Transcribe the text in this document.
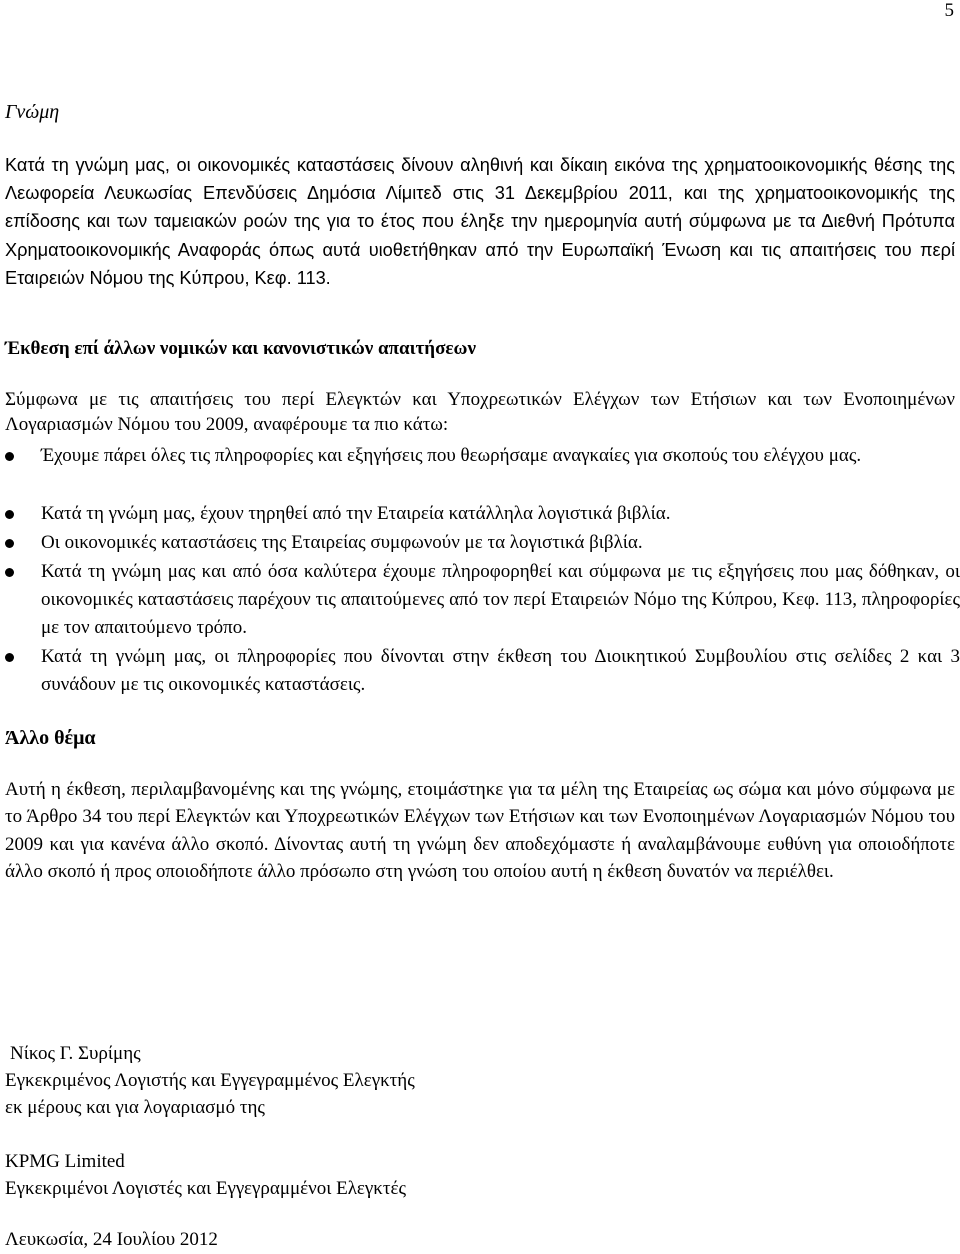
5
Γνώμη
Κατά τη γνώμη μας, οι οικονομικές καταστάσεις δίνουν αληθινή και δίκαιη εικόνα της χρηματοοικονομικής θέσης της Λεωφορεία Λευκωσίας Επενδύσεις Δημόσια Λίμιτεδ στις 31 Δεκεμβρίου 2011, και της χρηματοοικονομικής της επίδοσης και των ταμειακών ροών της για το έτος που έληξε την ημερομηνία αυτή σύμφωνα με τα Διεθνή Πρότυπα Χρηματοοικονομικής Αναφοράς όπως αυτά υιοθετήθηκαν από την Ευρωπαϊκή Ένωση και τις απαιτήσεις του περί Εταιρειών Νόμου της Κύπρου, Κεφ. 113.
Έκθεση επί άλλων νομικών και κανονιστικών απαιτήσεων
Σύμφωνα με τις απαιτήσεις του περί Ελεγκτών και Υποχρεωτικών Ελέγχων των Ετήσιων και των Ενοποιημένων Λογαριασμών Νόμου του 2009, αναφέρουμε τα πιο κάτω:
Έχουμε πάρει όλες τις πληροφορίες και εξηγήσεις που θεωρήσαμε αναγκαίες για σκοπούς του ελέγχου μας.
Κατά τη γνώμη μας, έχουν τηρηθεί από την Εταιρεία κατάλληλα λογιστικά βιβλία.
Οι οικονομικές καταστάσεις της Εταιρείας συμφωνούν με τα λογιστικά βιβλία.
Κατά τη γνώμη μας και από όσα καλύτερα έχουμε πληροφορηθεί και σύμφωνα με τις εξηγήσεις που μας δόθηκαν, οι οικονομικές καταστάσεις παρέχουν τις απαιτούμενες από τον περί Εταιρειών Νόμο της Κύπρου, Κεφ. 113, πληροφορίες με τον απαιτούμενο τρόπο.
Κατά τη γνώμη μας, οι πληροφορίες που δίνονται στην έκθεση του Διοικητικού Συμβουλίου στις σελίδες 2 και 3 συνάδουν με τις οικονομικές καταστάσεις.
Άλλο θέμα
Αυτή η έκθεση, περιλαμβανομένης και της γνώμης, ετοιμάστηκε για τα μέλη της Εταιρείας ως σώμα και μόνο σύμφωνα με το Άρθρο 34 του περί Ελεγκτών και Υποχρεωτικών Ελέγχων των Ετήσιων και των Ενοποιημένων Λογαριασμών Νόμου του 2009 και για κανένα άλλο σκοπό. Δίνοντας αυτή τη γνώμη δεν αποδεχόμαστε ή αναλαμβάνουμε ευθύνη για οποιοδήποτε άλλο σκοπό ή προς οποιοδήποτε άλλο πρόσωπο στη γνώση του οποίου αυτή η έκθεση δυνατόν να περιέλθει.
Νίκος Γ. Συρίμης
Εγκεκριμένος Λογιστής και Εγγεγραμμένος Ελεγκτής
εκ μέρους και για λογαριασμό της
KPMG Limited
Εγκεκριμένοι Λογιστές και Εγγεγραμμένοι Ελεγκτές
Λευκωσία, 24 Ιουλίου 2012
